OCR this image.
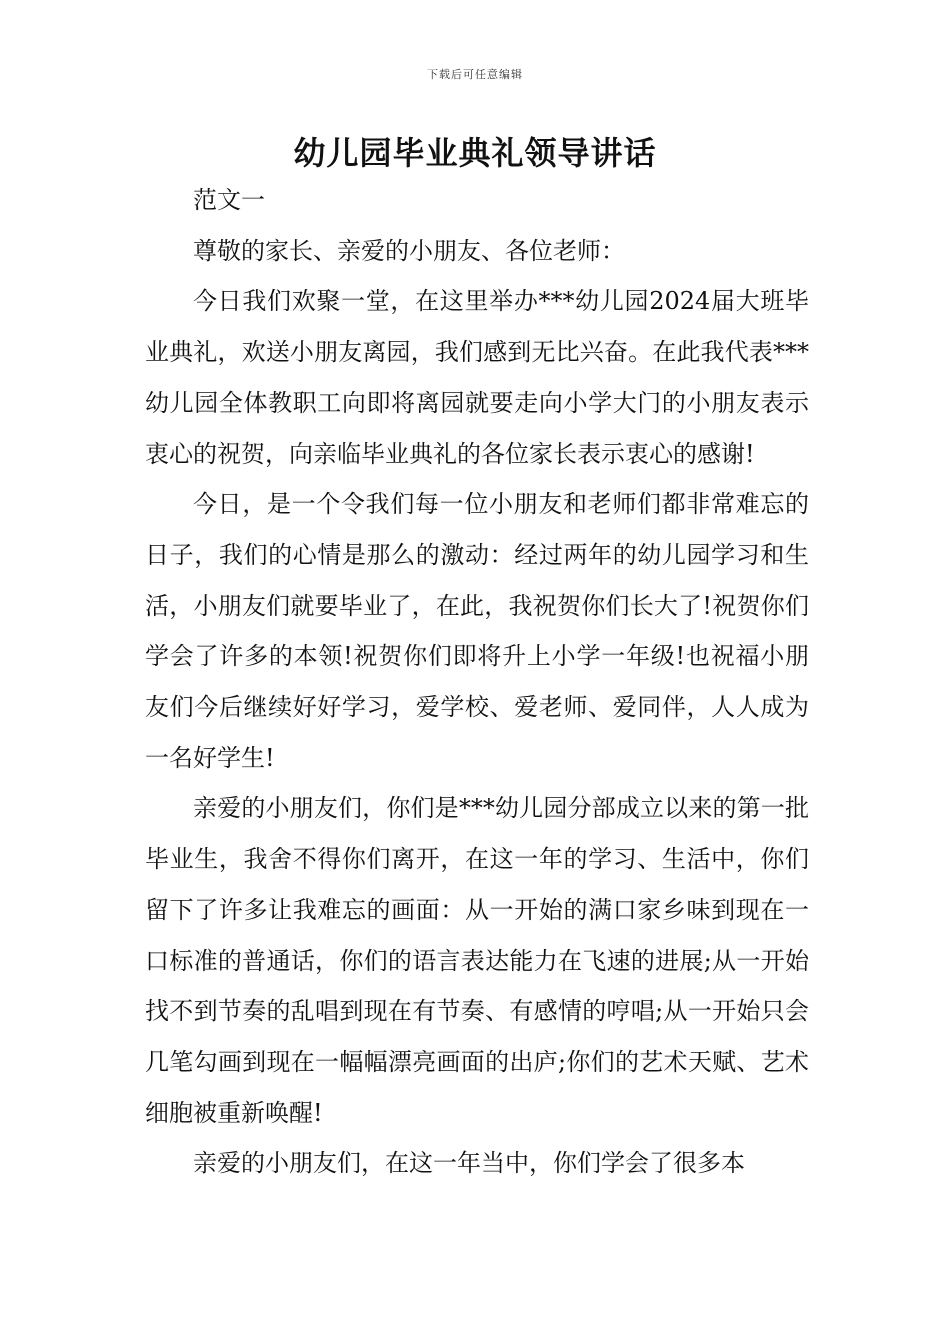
下载后可任意编辑
幼儿园毕业典礼领导讲话

范文一

尊敬的家长、亲爱的小朋友、各位老师：

今日我们欢聚一堂，在这里举办***幼儿园2024届大班毕业典礼，欢送小朋友离园，我们感到无比兴奋。在此我代表***幼儿园全体教职工向即将离园就要走向小学大门的小朋友表示衷心的祝贺，向亲临毕业典礼的各位家长表示衷心的感谢!

今日，是一个令我们每一位小朋友和老师们都非常难忘的日子，我们的心情是那么的激动：经过两年的幼儿园学习和生活，小朋友们就要毕业了，在此，我祝贺你们长大了!祝贺你们学会了许多的本领!祝贺你们即将升上小学一年级!也祝福小朋友们今后继续好好学习，爱学校、爱老师、爱同伴，人人成为一名好学生!

亲爱的小朋友们，你们是***幼儿园分部成立以来的第一批毕业生，我舍不得你们离开，在这一年的学习、生活中，你们留下了许多让我难忘的画面：从一开始的满口家乡味到现在一口标准的普通话，你们的语言表达能力在飞速的进展;从一开始找不到节奏的乱唱到现在有节奏、有感情的哼唱;从一开始只会几笔勾画到现在一幅幅漂亮画面的出庐;你们的艺术天赋、艺术细胞被重新唤醒!

亲爱的小朋友们，在这一年当中，你们学会了很多本
